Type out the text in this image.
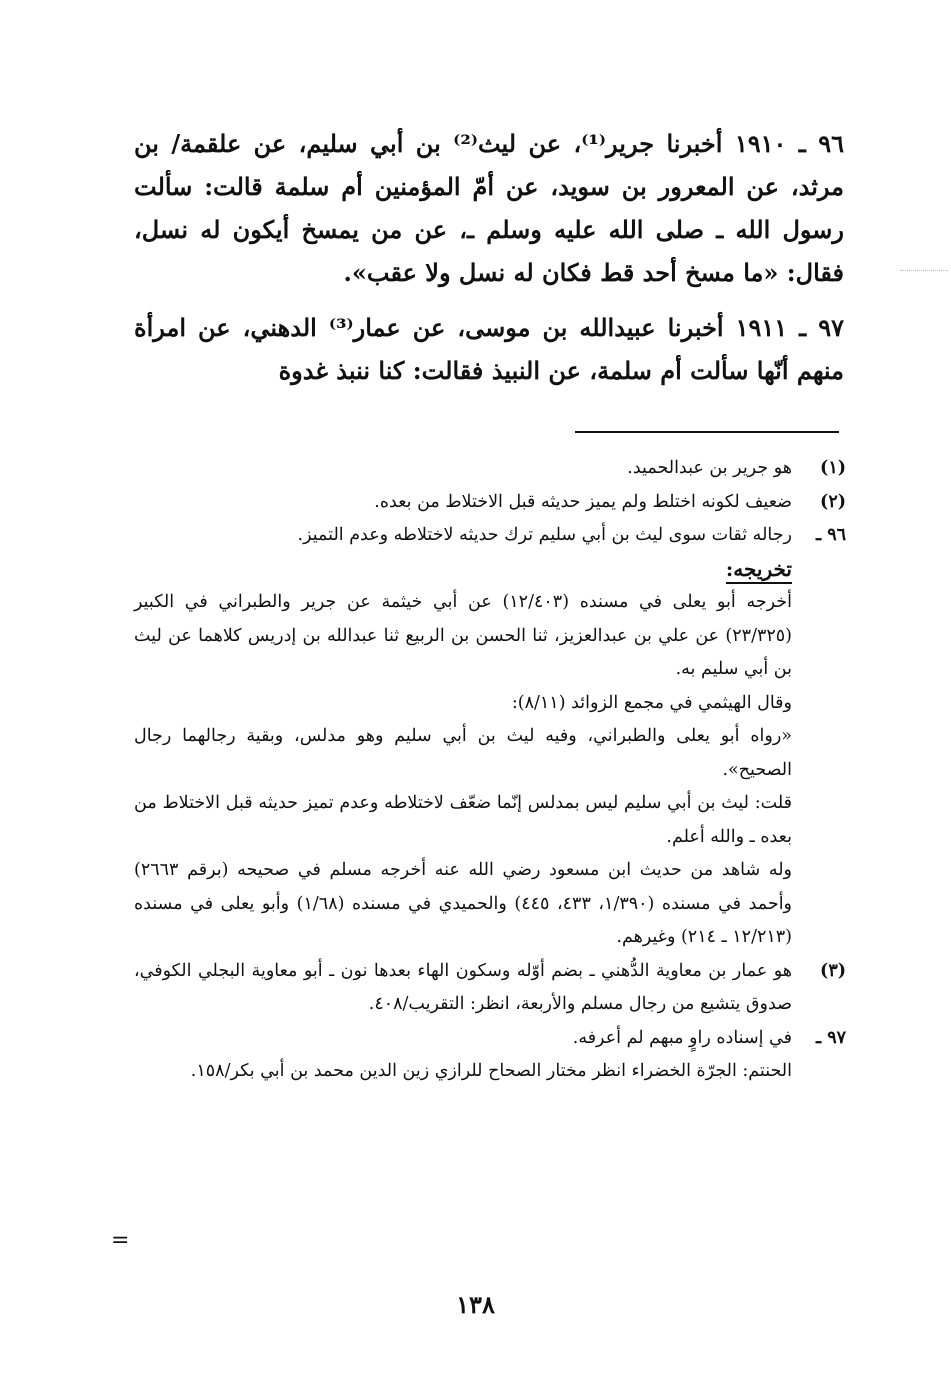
٩٦ ـ ١٩١٠ أخبرنا جرير⁽¹⁾، عن ليث⁽²⁾ بن أبي سليم، عن علقمة/ بن مرثد، عن المعرور بن سويد، عن أمّ المؤمنين أم سلمة قالت: سألت رسول الله ـ صلى الله عليه وسلم ـ، عن من يمسخ أيكون له نسل، فقال: «ما مسخ أحد قط فكان له نسل ولا عقب».

٩٧ ـ ١٩١١ أخبرنا عبيدالله بن موسى، عن عمار⁽³⁾ الدهني، عن امرأة منهم أنّها سألت أم سلمة، عن النبيذ فقالت: كنا ننبذ غدوة

(١)
هو جرير بن عبدالحميد.
(٢)
ضعيف لكونه اختلط ولم يميز حديثه قبل الاختلاط من بعده.
٩٦ ـ
رجاله ثقات سوى ليث بن أبي سليم ترك حديثه لاختلاطه وعدم التميز.
تخريجه:
أخرجه أبو يعلى في مسنده (١٢/٤٠٣) عن أبي خيثمة عن جرير والطبراني في الكبير (٢٣/٣٢٥) عن علي بن عبدالعزيز، ثنا الحسن بن الربيع ثنا عبدالله بن إدريس كلاهما عن ليث بن أبي سليم به.
وقال الهيثمي في مجمع الزوائد (٨/١١):
«رواه أبو يعلى والطبراني، وفيه ليث بن أبي سليم وهو مدلس، وبقية رجالهما رجال الصحيح».
قلت: ليث بن أبي سليم ليس بمدلس إنّما ضعّف لاختلاطه وعدم تميز حديثه قبل الاختلاط من بعده ـ والله أعلم.
وله شاهد من حديث ابن مسعود رضي الله عنه أخرجه مسلم في صحيحه (برقم ٢٦٦٣) وأحمد في مسنده (١/٣٩٠، ٤٣٣، ٤٤٥) والحميدي في مسنده (١/٦٨) وأبو يعلى في مسنده (١٢/٢١٣ ـ ٢١٤) وغيرهم.
(٣)
هو عمار بن معاوية الدُّهني ـ بضم أوّله وسكون الهاء بعدها نون ـ أبو معاوية البجلي الكوفي، صدوق يتشيع من رجال مسلم والأربعة، انظر: التقريب/٤٠٨.
٩٧ ـ
في إسناده راوٍ مبهم لم أعرفه.
الحنتم: الجرّة الخضراء انظر مختار الصحاح للرازي زين الدين محمد بن أبي بكر/١٥٨.
=
١٣٨
